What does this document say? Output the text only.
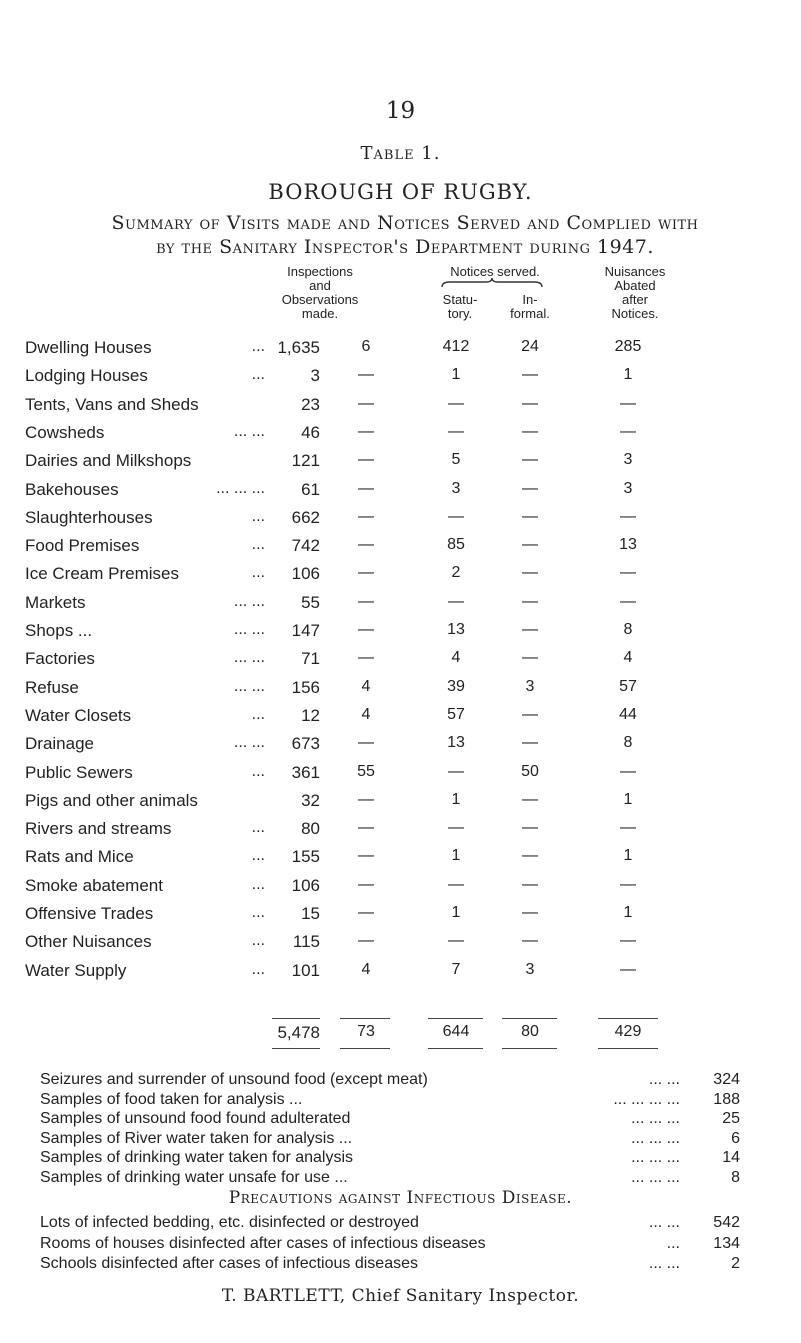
19
Table 1.
BOROUGH OF RUGBY.
Summary of Visits made and Notices Served and Complied with
by the Sanitary Inspector's Department during 1947.
Inspections
and
Observations
made.
Notices served.
Statu-
tory.
In-
formal.
Nuisances
Abated
after
Notices.
Dwelling Houses	... 1,635	6	412	24	285
Lodging Houses	...	3	—	1	—	1
Tents, Vans and Sheds	23	—	—	—	—
Cowsheds	... ...	46	—	—	—	—
Dairies and Milkshops	121	—	5	—	3
Bakehouses	... ... ...	61	—	3	—	3
Slaughterhouses	...	662	—	—	—	—
Food Premises	...	742	—	85	—	13
Ice Cream Premises	...	106	—	2	—	—
Markets	... ...	55	—	—	—	—
Shops ...	... ...	147	—	13	—	8
Factories	... ...	71	—	4	—	4
Refuse	... ...	156	4	39	3	57
Water Closets	...	12	4	57	—	44
Drainage	... ...	673	—	13	—	8
Public Sewers	...	361	55	—	50	—
Pigs and other animals	32	—	1	—	1
Rivers and streams	...	80	—	—	—	—
Rats and Mice	...	155	—	1	—	1
Smoke abatement	...	106	—	—	—	—
Offensive Trades	...	15	—	1	—	1
Other Nuisances	...	115	—	—	—	—
Water Supply	...	101	4	7	3	—
5,478	73	644	80	429
Seizures and surrender of unsound food (except meat)	... ...	324
Samples of food taken for analysis ...	... ... ... ...	188
Samples of unsound food found adulterated	... ... ...	25
Samples of River water taken for analysis ...	... ... ...	6
Samples of drinking water taken for analysis	... ... ...	14
Samples of drinking water unsafe for use ...	... ... ...	8
Precautions against Infectious Disease.
Lots of infected bedding, etc. disinfected or destroyed	... ...	542
Rooms of houses disinfected after cases of infectious diseases	...	134
Schools disinfected after cases of infectious diseases	... ...	2
T. BARTLETT, Chief Sanitary Inspector.
